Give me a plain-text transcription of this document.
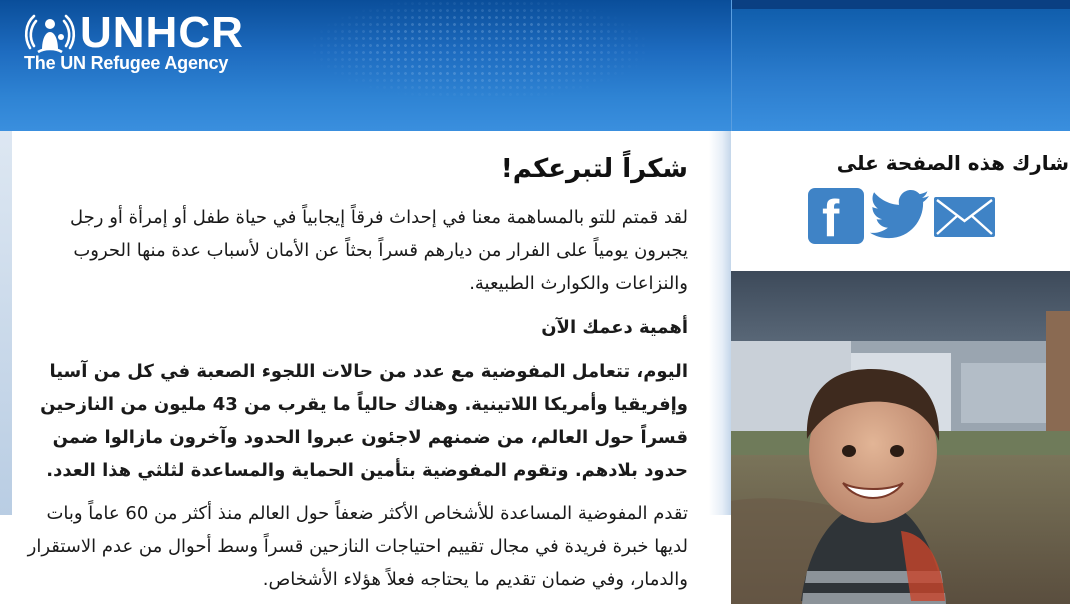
UNHCR
The UN Refugee Agency
شكراً لتبرعكم!

لقد قمتم للتو بالمساهمة معنا في إحداث فرقاً إيجابياً في حياة طفل أو إمرأة أو رجل يجبرون يومياً على الفرار من ديارهم قسراً بحثاً عن الأمان لأسباب عدة منها الحروب والنزاعات والكوارث الطبيعية.

أهمية دعمك الآن

اليوم، تتعامل المفوضية مع عدد من حالات اللجوء الصعبة في كل من آسيا وإفريقيا وأمريكا اللاتينية. وهناك حالياً ما يقرب من 43 مليون من النازحين قسراً حول العالم، من ضمنهم لاجئون عبروا الحدود وآخرون مازالوا ضمن حدود بلادهم. وتقوم المفوضية بتأمين الحماية والمساعدة لثلثي هذا العدد.

تقدم المفوضية المساعدة للأشخاص الأكثر ضعفاً حول العالم منذ أكثر من 60 عاماً وبات لديها خبرة فريدة في مجال تقييم احتياجات النازحين قسراً وسط أحوال من عدم الاستقرار والدمار، وفي ضمان تقديم ما يحتاجه فعلاً هؤلاء الأشخاص.

شارك هذه الصفحة على
f
